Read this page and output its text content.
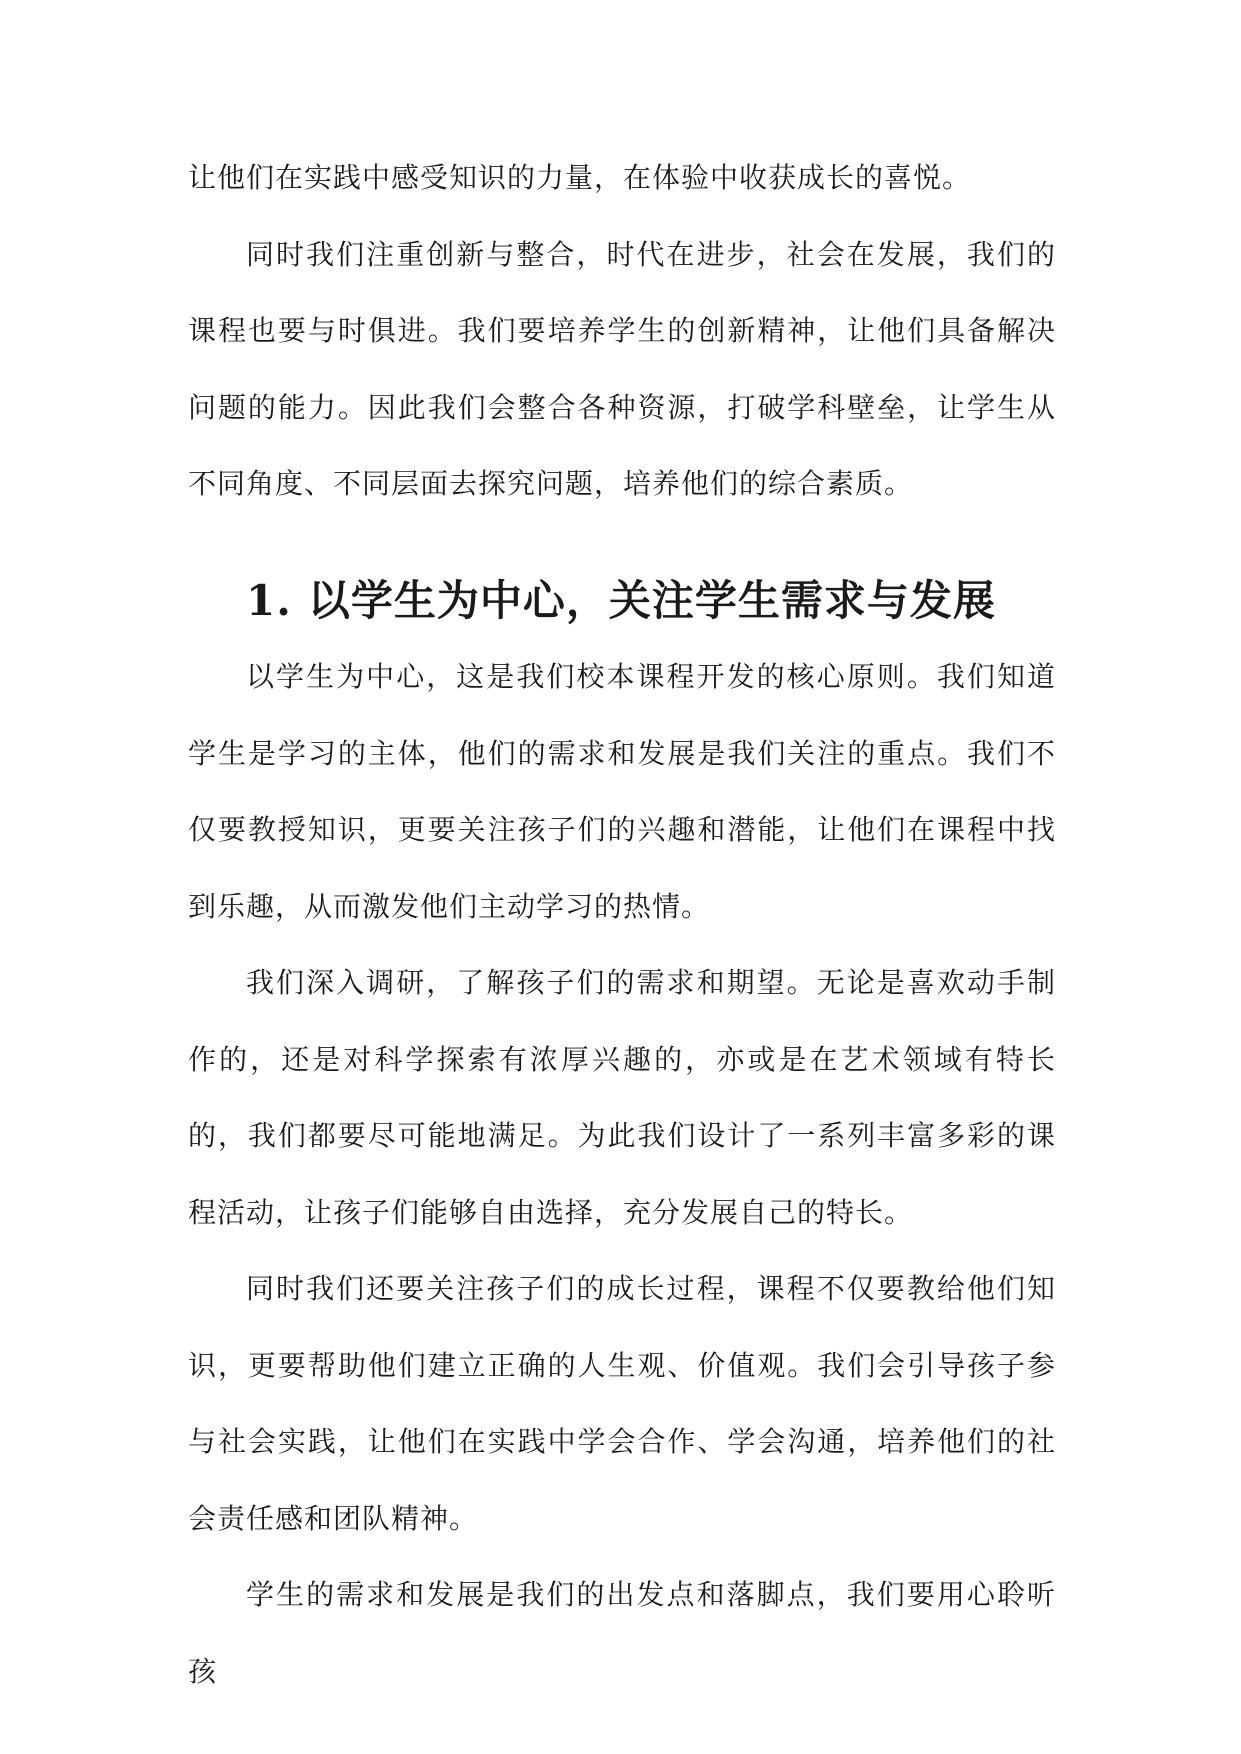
让他们在实践中感受知识的力量，在体验中收获成长的喜悦。

同时我们注重创新与整合，时代在进步，社会在发展，我们的课程也要与时俱进。我们要培养学生的创新精神，让他们具备解决问题的能力。因此我们会整合各种资源，打破学科壁垒，让学生从不同角度、不同层面去探究问题，培养他们的综合素质。

1. 以学生为中心，关注学生需求与发展

以学生为中心，这是我们校本课程开发的核心原则。我们知道学生是学习的主体，他们的需求和发展是我们关注的重点。我们不仅要教授知识，更要关注孩子们的兴趣和潜能，让他们在课程中找到乐趣，从而激发他们主动学习的热情。

我们深入调研，了解孩子们的需求和期望。无论是喜欢动手制作的，还是对科学探索有浓厚兴趣的，亦或是在艺术领域有特长的，我们都要尽可能地满足。为此我们设计了一系列丰富多彩的课程活动，让孩子们能够自由选择，充分发展自己的特长。

同时我们还要关注孩子们的成长过程，课程不仅要教给他们知识，更要帮助他们建立正确的人生观、价值观。我们会引导孩子参与社会实践，让他们在实践中学会合作、学会沟通，培养他们的社会责任感和团队精神。

学生的需求和发展是我们的出发点和落脚点，我们要用心聆听孩
